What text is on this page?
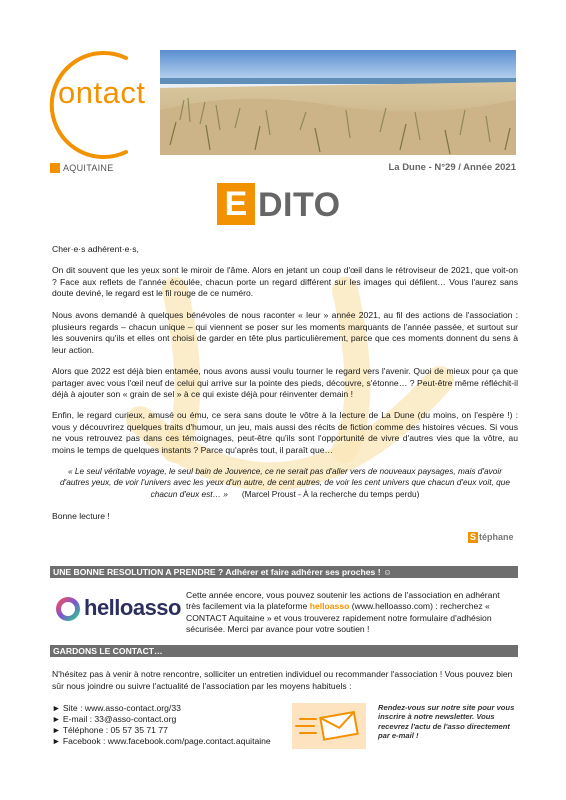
ontact
AQUITAINE	La Dune - N°29 / Année 2021
E DITO
Cher·e·s adhérent·e·s,
On dit souvent que les yeux sont le miroir de l'âme. Alors en jetant un coup d'œil dans le rétroviseur de 2021, que voit-on ? Face aux reflets de l'année écoulée, chacun porte un regard différent sur les images qui défilent… Vous l'aurez sans doute deviné, le regard est le fil rouge de ce numéro.
Nous avons demandé à quelques bénévoles de nous raconter « leur » année 2021, au fil des actions de l'association : plusieurs regards – chacun unique – qui viennent se poser sur les moments marquants de l'année passée, et surtout sur les souvenirs qu'ils et elles ont choisi de garder en tête plus particulièrement, parce que ces moments donnent du sens à leur action.
Alors que 2022 est déjà bien entamée, nous avons aussi voulu tourner le regard vers l'avenir. Quoi de mieux pour ça que partager avec vous l'œil neuf de celui qui arrive sur la pointe des pieds, découvre, s'étonne… ? Peut-être même réfléchit-il déjà à ajouter son « grain de sel » à ce qui existe déjà pour réinventer demain !
Enfin, le regard curieux, amusé ou ému, ce sera sans doute le vôtre à la lecture de La Dune (du moins, on l'espère !) : vous y découvrirez quelques traits d'humour, un jeu, mais aussi des récits de fiction comme des histoires vécues. Si vous ne vous retrouvez pas dans ces témoignages, peut-être qu'ils sont l'opportunité de vivre d'autres vies que la vôtre, au moins le temps de quelques instants ? Parce qu'après tout, il paraît que…
« Le seul véritable voyage, le seul bain de Jouvence, ce ne serait pas d'aller vers de nouveaux paysages, mais d'avoir d'autres yeux, de voir l'univers avec les yeux d'un autre, de cent autres, de voir les cent univers que chacun d'eux voit, que chacun d'eux est… » (Marcel Proust - À la recherche du temps perdu)
Bonne lecture !
S téphane
UNE BONNE RESOLUTION A PRENDRE ? Adhérer et faire adhérer ses proches ! ☺
helloasso Cette année encore, vous pouvez soutenir les actions de l'association en adhérant très facilement via la plateforme helloasso (www.helloasso.com) : recherchez « CONTACT Aquitaine » et vous trouverez rapidement notre formulaire d'adhésion sécurisée. Merci par avance pour votre soutien !
GARDONS LE CONTACT…
N'hésitez pas à venir à notre rencontre, solliciter un entretien individuel ou recommander l'association ! Vous pouvez bien sûr nous joindre ou suivre l'actualité de l'association par les moyens habituels :
► Site : www.asso-contact.org/33
► E-mail : 33@asso-contact.org
► Téléphone : 05 57 35 71 77
► Facebook : www.facebook.com/page.contact.aquitaine
Rendez-vous sur notre site pour vous inscrire à notre newsletter. Vous recevrez l'actu de l'asso directement par e-mail !
